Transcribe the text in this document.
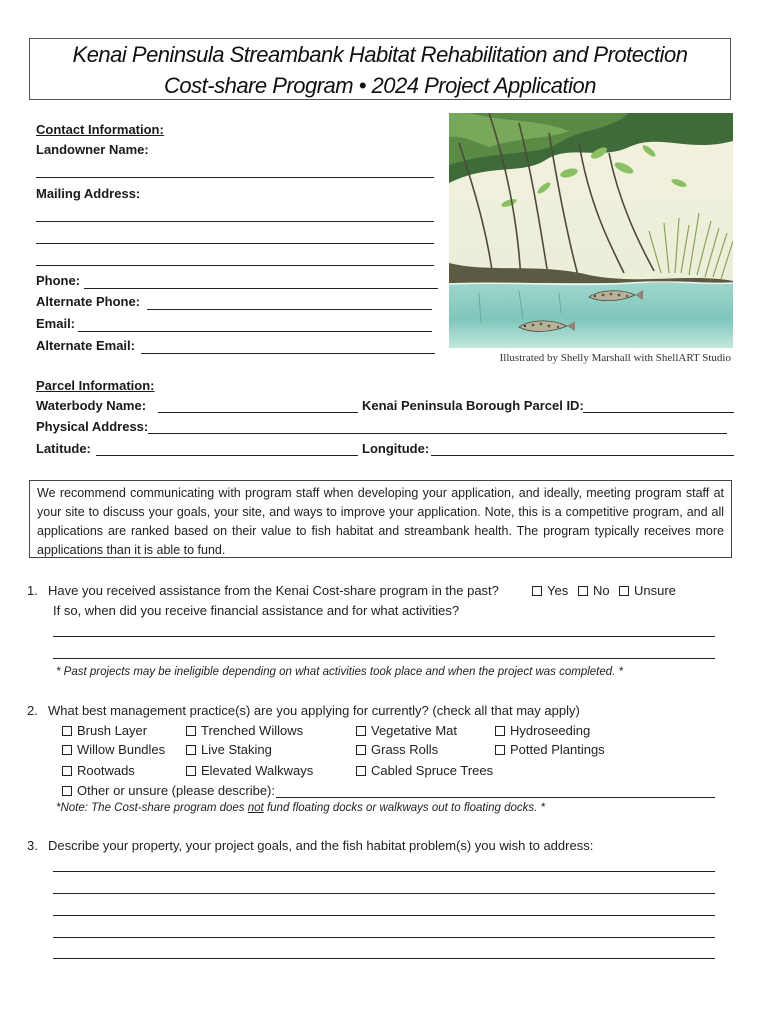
Kenai Peninsula Streambank Habitat Rehabilitation and Protection
Cost-share Program • 2024 Project Application
Contact Information:
Landowner Name:
Mailing Address:
Phone:
Alternate Phone:
Email:
Alternate Email:
Illustrated by Shelly Marshall with ShellART Studio
Parcel Information:
Waterbody Name:	Kenai Peninsula Borough Parcel ID:
Physical Address:
Latitude:	Longitude:
We recommend communicating with program staff when developing your application, and ideally, meeting program staff at your site to discuss your goals, your site, and ways to improve your application. Note, this is a competitive program, and all applications are ranked based on their value to fish habitat and streambank health. The program typically receives more applications than it is able to fund.
1. Have you received assistance from the Kenai Cost-share program in the past?	Yes	No	Unsure
If so, when did you receive financial assistance and for what activities?
* Past projects may be ineligible depending on what activities took place and when the project was completed. *
2. What best management practice(s) are you applying for currently? (check all that may apply)
Brush Layer	Trenched Willows	Vegetative Mat	Hydroseeding
Willow Bundles	Live Staking	Grass Rolls	Potted Plantings
Rootwads	Elevated Walkways	Cabled Spruce Trees
Other or unsure (please describe):
*Note: The Cost-share program does not fund floating docks or walkways out to floating docks. *
3. Describe your property, your project goals, and the fish habitat problem(s) you wish to address:
